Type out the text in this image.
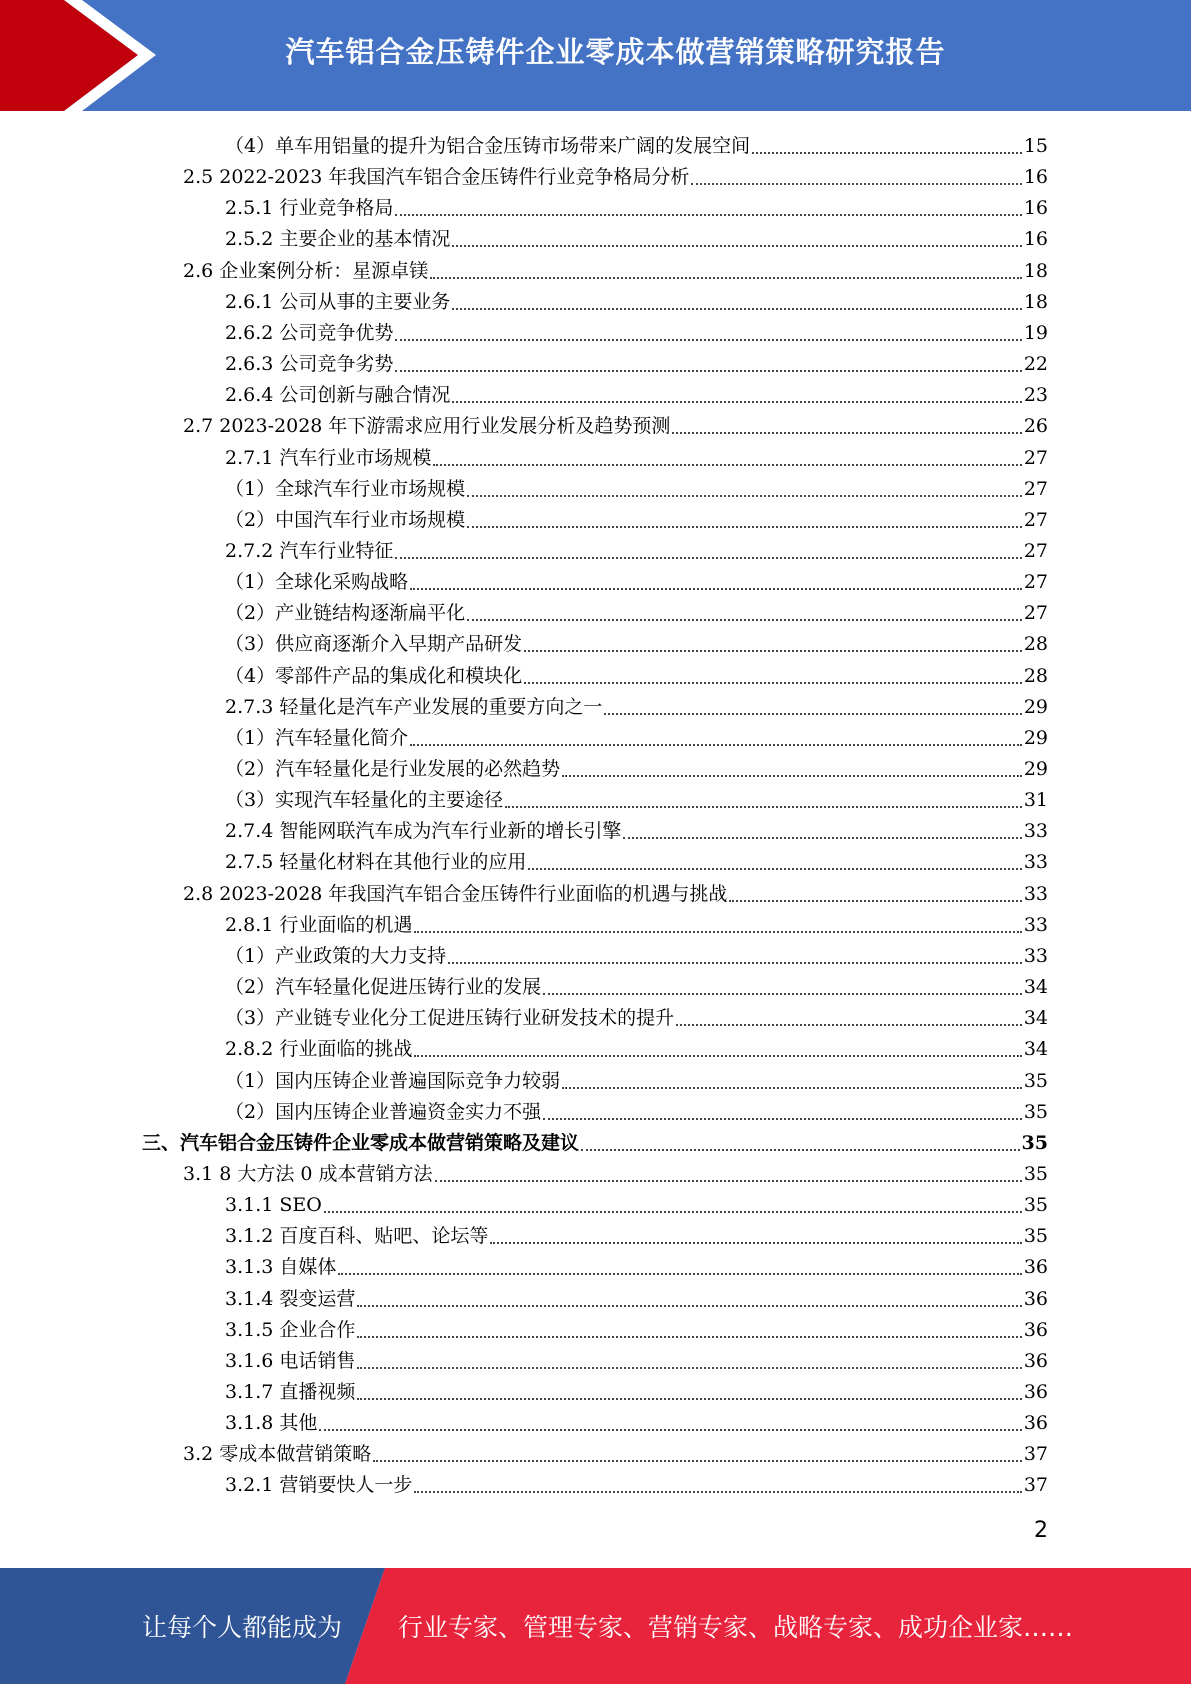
汽车铝合金压铸件企业零成本做营销策略研究报告
（4）单车用铝量的提升为铝合金压铸市场带来广阔的发展空间	15
2.5 2022-2023 年我国汽车铝合金压铸件行业竞争格局分析	16
2.5.1 行业竞争格局	16
2.5.2 主要企业的基本情况	16
2.6 企业案例分析：星源卓镁	18
2.6.1 公司从事的主要业务	18
2.6.2 公司竞争优势	19
2.6.3 公司竞争劣势	22
2.6.4 公司创新与融合情况	23
2.7 2023-2028 年下游需求应用行业发展分析及趋势预测	26
2.7.1 汽车行业市场规模	27
（1）全球汽车行业市场规模	27
（2）中国汽车行业市场规模	27
2.7.2 汽车行业特征	27
（1）全球化采购战略	27
（2）产业链结构逐渐扁平化	27
（3）供应商逐渐介入早期产品研发	28
（4）零部件产品的集成化和模块化	28
2.7.3 轻量化是汽车产业发展的重要方向之一	29
（1）汽车轻量化简介	29
（2）汽车轻量化是行业发展的必然趋势	29
（3）实现汽车轻量化的主要途径	31
2.7.4 智能网联汽车成为汽车行业新的增长引擎	33
2.7.5 轻量化材料在其他行业的应用	33
2.8 2023-2028 年我国汽车铝合金压铸件行业面临的机遇与挑战	33
2.8.1 行业面临的机遇	33
（1）产业政策的大力支持	33
（2）汽车轻量化促进压铸行业的发展	34
（3）产业链专业化分工促进压铸行业研发技术的提升	34
2.8.2 行业面临的挑战	34
（1）国内压铸企业普遍国际竞争力较弱	35
（2）国内压铸企业普遍资金实力不强	35
三、汽车铝合金压铸件企业零成本做营销策略及建议	35
3.1 8 大方法 0 成本营销方法	35
3.1.1 SEO	35
3.1.2 百度百科、贴吧、论坛等	35
3.1.3 自媒体	36
3.1.4 裂变运营	36
3.1.5 企业合作	36
3.1.6 电话销售	36
3.1.7 直播视频	36
3.1.8 其他	36
3.2 零成本做营销策略	37
3.2.1 营销要快人一步	37
2
让每个人都能成为 行业专家、管理专家、营销专家、战略专家、成功企业家……
